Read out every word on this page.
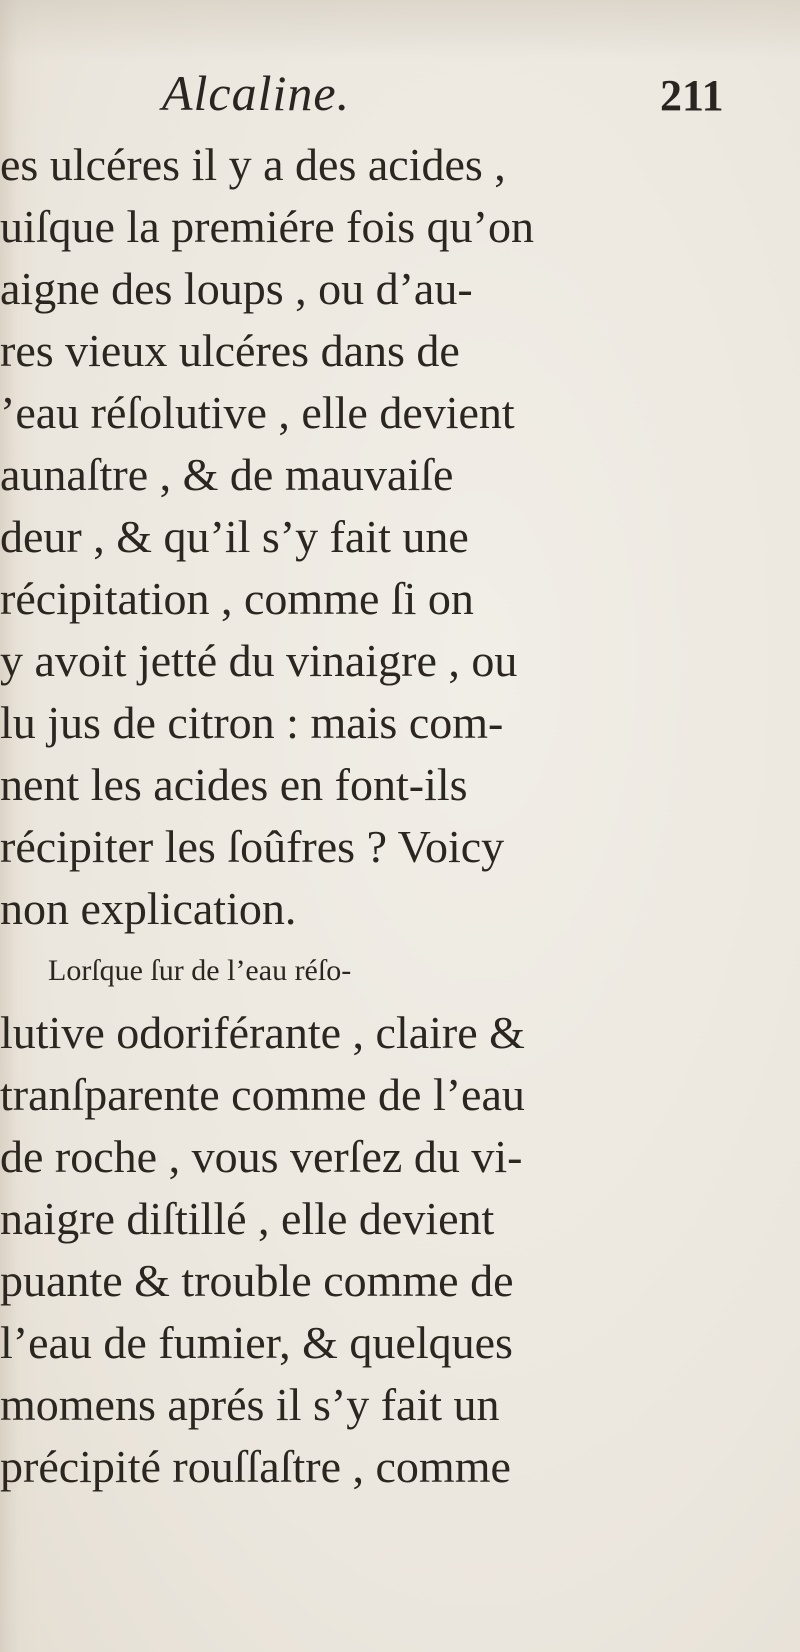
Alcaline.	211
es ulcéres il y a des acides ,
uiſque la premiére fois qu’on
aigne des loups , ou d’au-
res vieux ulcéres dans de
’eau réſolutive , elle devient
aunaſtre , & de mauvaiſe
deur , & qu’il s’y fait une
récipitation , comme ſi on
y avoit jetté du vinaigre , ou
lu jus de citron : mais com-
nent les acides en font-ils
récipiter les ſoûfres ? Voicy
non explication.
Lorſque ſur de l’eau réſo-
lutive odoriférante , claire &
tranſparente comme de l’eau
de roche , vous verſez du vi-
naigre diſtillé , elle devient
puante & trouble comme de
l’eau de fumier, & quelques
momens aprés il s’y fait un
précipité rouſſaſtre , comme
